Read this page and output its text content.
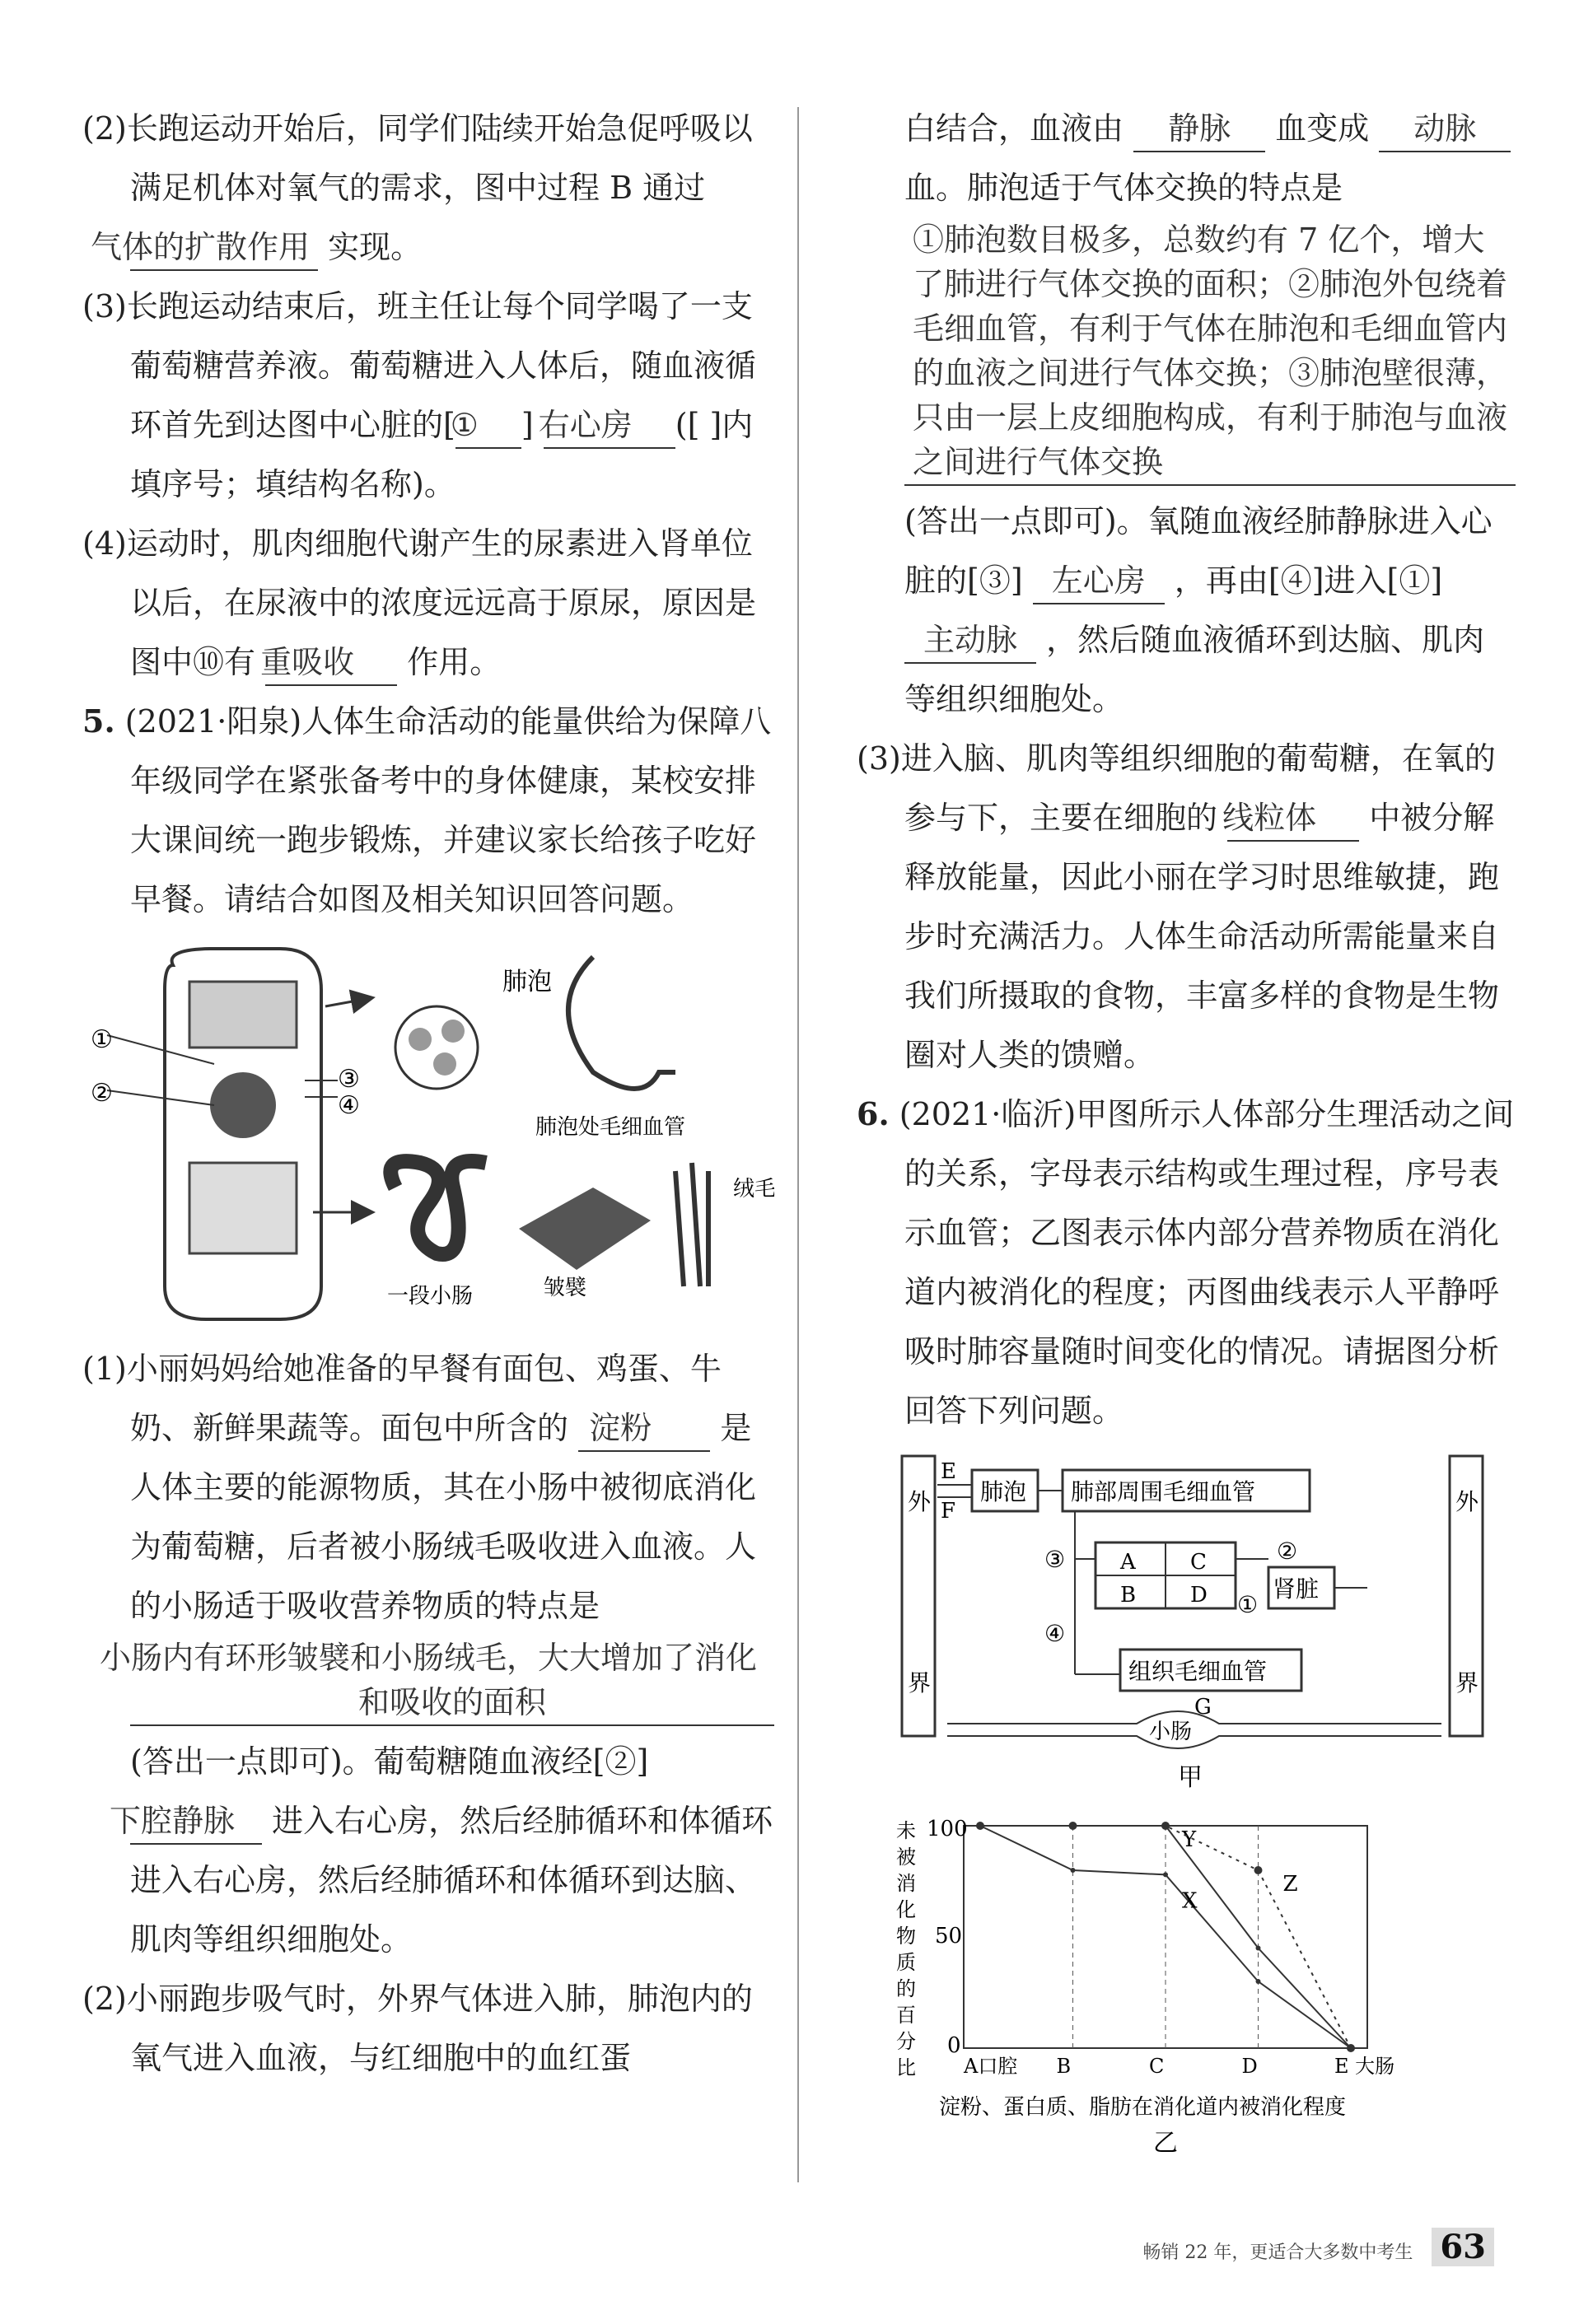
(2)长跑运动开始后，同学们陆续开始急促呼吸以满足机体对氧气的需求，图中过程 B 通过 气体的扩散作用 实现。

(3)长跑运动结束后，班主任让每个同学喝了一支葡萄糖营养液。葡萄糖进入人体后，随血液循环首先到达图中心脏的[① ] 右心房 ([ ]内填序号；填结构名称)。

(4)运动时，肌肉细胞代谢产生的尿素进入肾单位以后，在尿液中的浓度远远高于原尿，原因是图中⑩有 重吸收 作用。

5. (2021·阳泉)人体生命活动的能量供给为保障八年级同学在紧张备考中的身体健康，某校安排大课间统一跑步锻炼，并建议家长给孩子吃好早餐。请结合如图及相关知识回答问题。

①
②	③
④
肺泡
肺泡处毛细血管
一段小肠	皱襞
绒毛

(1)小丽妈妈给她准备的早餐有面包、鸡蛋、牛奶、新鲜果蔬等。面包中所含的 淀粉 是人体主要的能源物质，其在小肠中被彻底消化为葡萄糖，后者被小肠绒毛吸收进入血液。人的小肠适于吸收营养物质的特点是 小肠内有环形皱襞和小肠绒毛，大大增加了消化和吸收的面积 (答出一点即可)。葡萄糖随血液经[②] 下腔静脉 进入右心房，然后经肺循环和体循环进入右心房，然后经肺循环和体循环到达脑、肌肉等组织细胞处。

(2)小丽跑步吸气时，外界气体进入肺，肺泡内的氧气进入血液，与红细胞中的血红蛋

白结合，血液由 静脉 血变成 动脉 血。肺泡适于气体交换的特点是 ①肺泡数目极多，总数约有 7 亿个，增大了肺进行气体交换的面积；②肺泡外包绕着毛细血管，有利于气体在肺泡和毛细血管内的血液之间进行气体交换；③肺泡壁很薄，只由一层上皮细胞构成，有利于肺泡与血液之间进行气体交换 (答出一点即可)。氧随血液经肺静脉进入心脏的[③] 左心房 ，再由[④]进入[①] 主动脉 ，然后随血液循环到达脑、肌肉等组织细胞处。

(3)进入脑、肌肉等组织细胞的葡萄糖，在氧的参与下，主要在细胞的 线粒体 中被分解释放能量，因此小丽在学习时思维敏捷，跑步时充满活力。人体生命活动所需能量来自我们所摄取的食物，丰富多样的食物是生物圈对人类的馈赠。

6. (2021·临沂)甲图所示人体部分生理活动之间的关系，字母表示结构或生理过程，序号表示血管；乙图表示体内部分营养物质在消化道内被消化的程度；丙图曲线表示人平静呼吸时肺容量随时间变化的情况。请据图分析回答下列问题。

外
界
外
界
E
F
肺泡 肺部周围毛细血管
A
B
C
D
③
④
②
①
肾脏
组织毛细血管
G
小肠
甲
100
50
0
A口腔 B	C	D	E 大肠
X
Y
Z
淀粉、蛋白质、脂肪在消化道内被消化程度
乙
未
被
消
化
物
质
的
百
分
比
畅销 22 年，更适合大多数中考生 63
